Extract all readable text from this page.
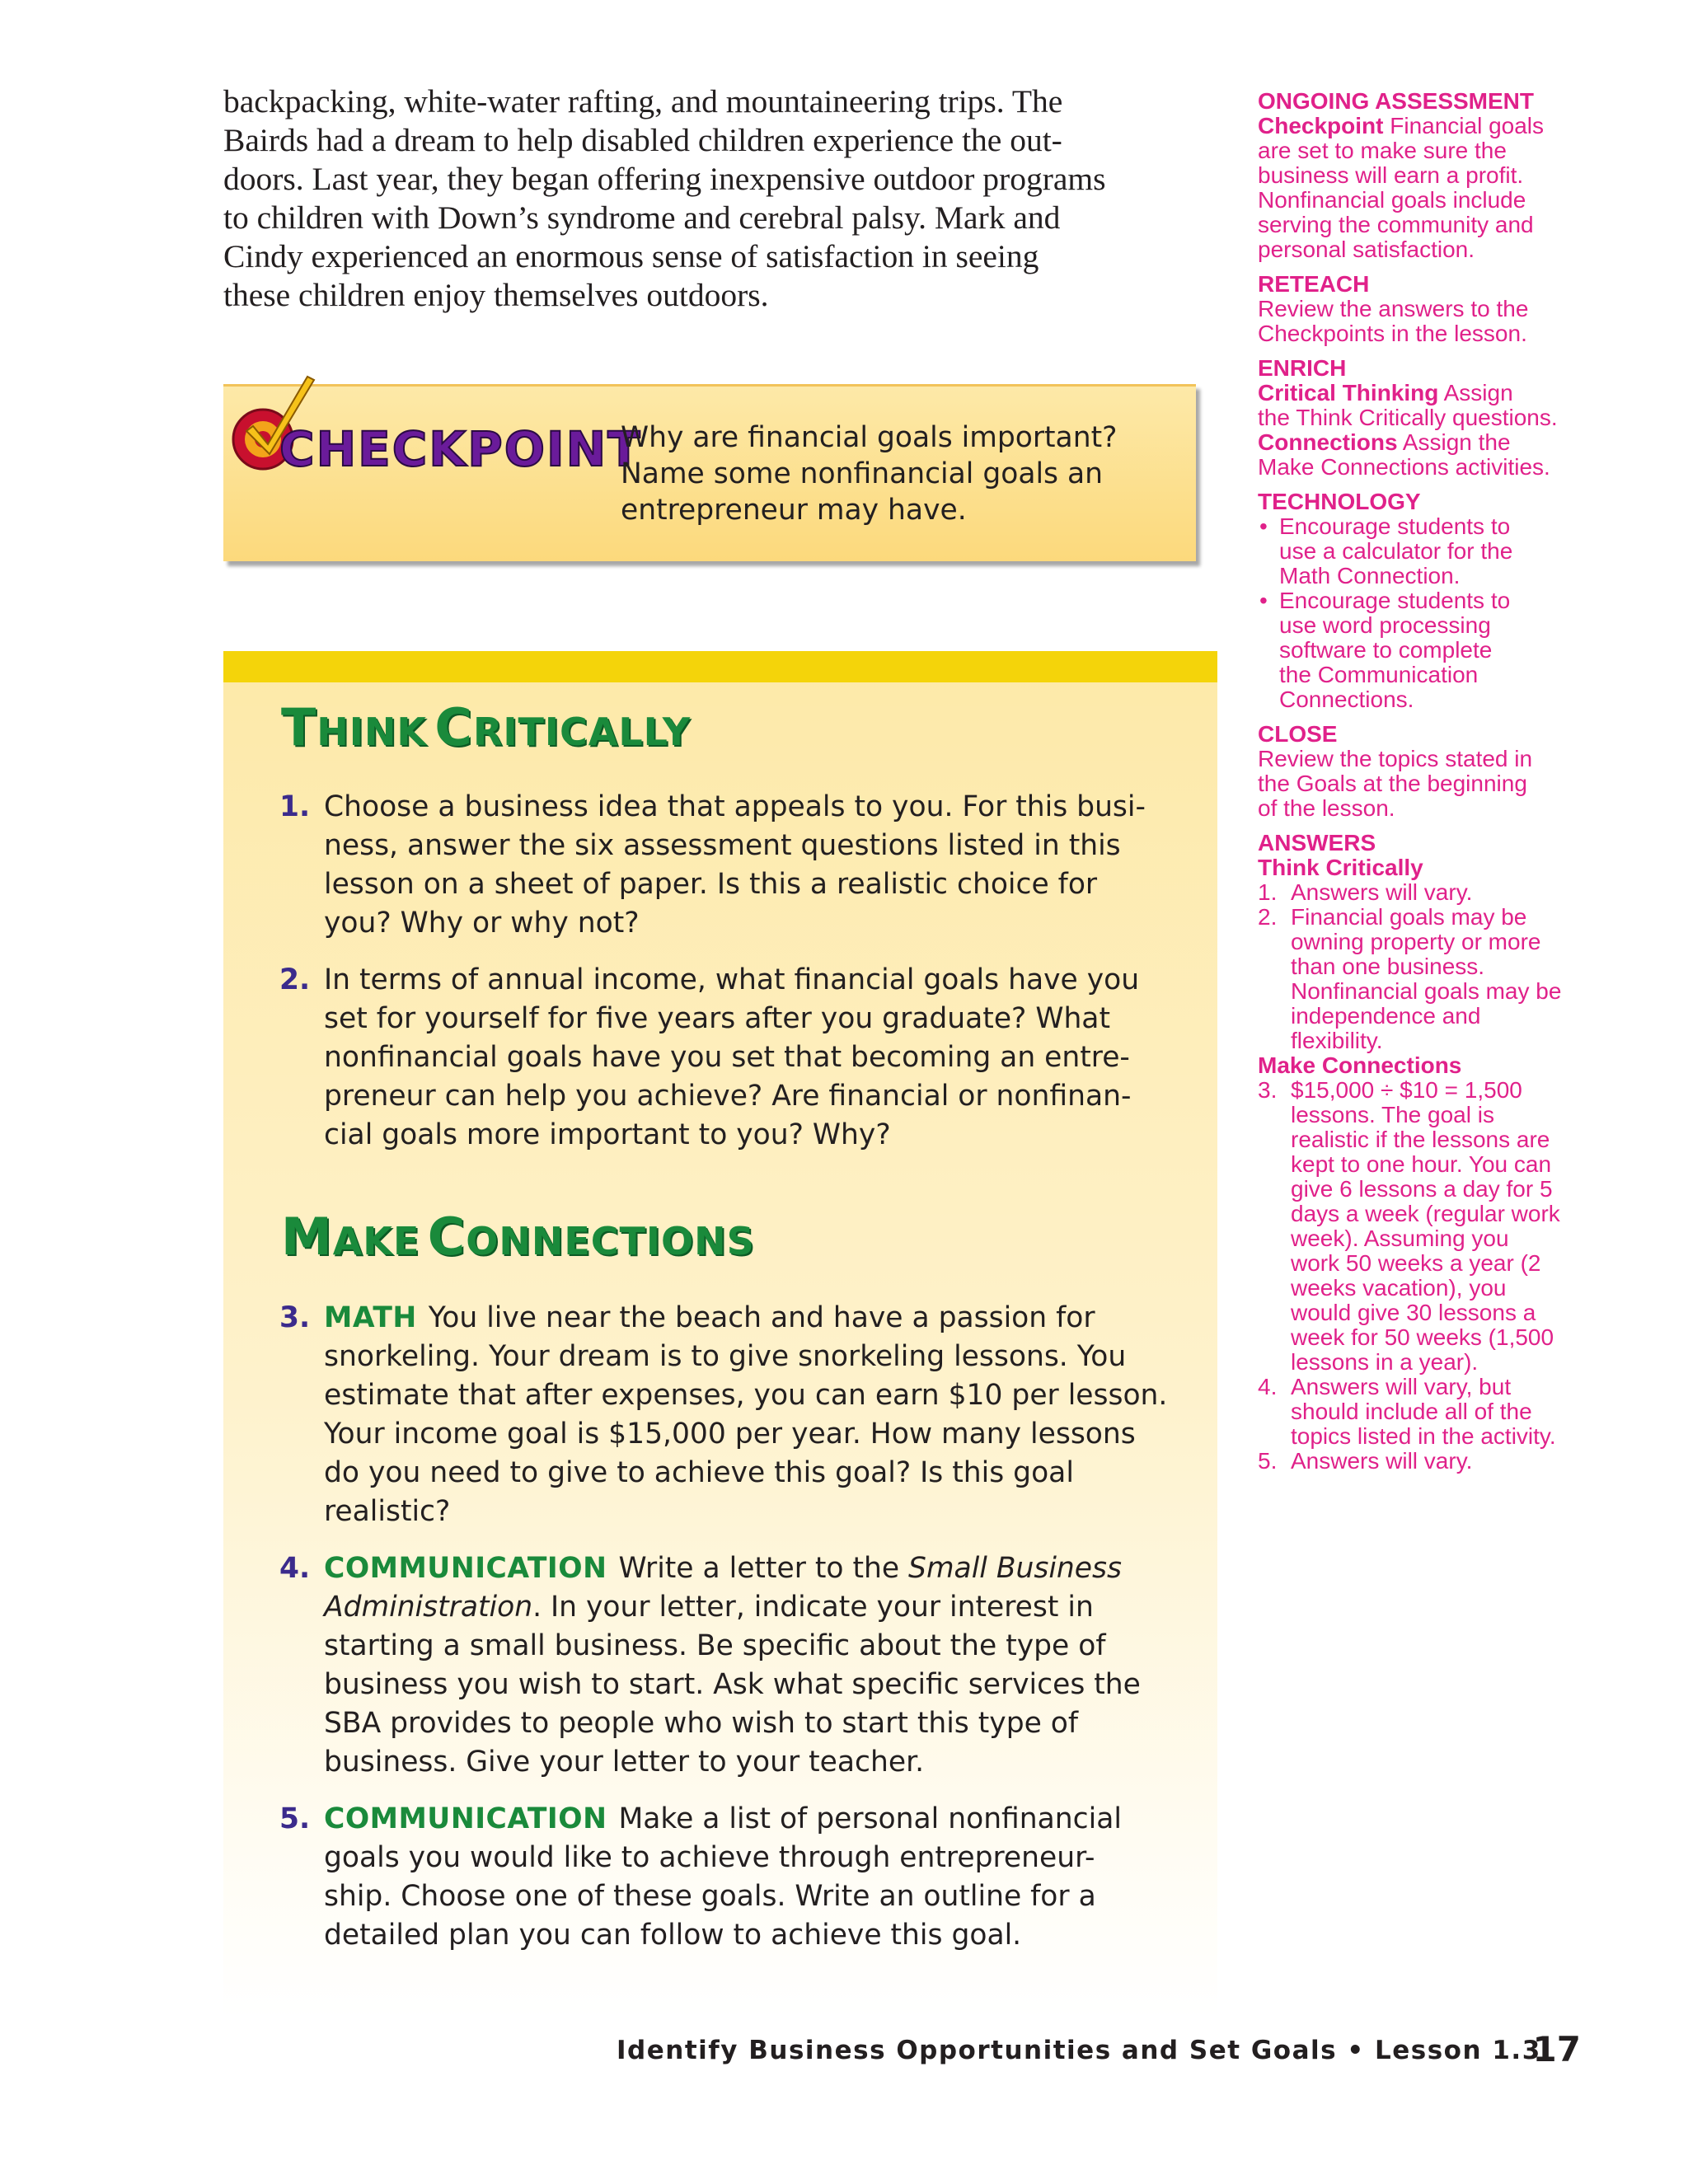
backpacking, white-water rafting, and mountaineering trips. The
Bairds had a dream to help disabled children experience the out-
doors. Last year, they began offering inexpensive outdoor programs
to children with Down’s syndrome and cerebral palsy. Mark and
Cindy experienced an enormous sense of satisfaction in seeing
these children enjoy themselves outdoors.

CHECKPOINT
Why are financial goals important?
Name some nonfinancial goals an
entrepreneur may have.
THINK CRITICALLY
1. Choose a business idea that appeals to you. For this busi-
ness, answer the six assessment questions listed in this
lesson on a sheet of paper. Is this a realistic choice for
you? Why or why not?
2. In terms of annual income, what financial goals have you
set for yourself for five years after you graduate? What
nonfinancial goals have you set that becoming an entre-
preneur can help you achieve? Are financial or nonfinan-
cial goals more important to you? Why?
MAKE CONNECTIONS
3. MATH You live near the beach and have a passion for
snorkeling. Your dream is to give snorkeling lessons. You
estimate that after expenses, you can earn $10 per lesson.
Your income goal is $15,000 per year. How many lessons
do you need to give to achieve this goal? Is this goal
realistic?
4. COMMUNICATION Write a letter to the Small Business
Administration. In your letter, indicate your interest in
starting a small business. Be specific about the type of
business you wish to start. Ask what specific services the
SBA provides to people who wish to start this type of
business. Give your letter to your teacher.
5. COMMUNICATION Make a list of personal nonfinancial
goals you would like to achieve through entrepreneur-
ship. Choose one of these goals. Write an outline for a
detailed plan you can follow to achieve this goal.
ONGOING ASSESSMENT
Checkpoint Financial goals
are set to make sure the
business will earn a profit.
Nonfinancial goals include
serving the community and
personal satisfaction.
RETEACH
Review the answers to the
Checkpoints in the lesson.
ENRICH
Critical Thinking Assign
the Think Critically questions.
Connections Assign the
Make Connections activities.
TECHNOLOGY
• Encourage students to
use a calculator for the
Math Connection.
• Encourage students to
use word processing
software to complete
the Communication
Connections.
CLOSE
Review the topics stated in
the Goals at the beginning
of the lesson.
ANSWERS
Think Critically
1. Answers will vary.
2. Financial goals may be
owning property or more
than one business.
Nonfinancial goals may be
independence and
flexibility.
Make Connections
3. $15,000 ÷ $10 = 1,500
lessons. The goal is
realistic if the lessons are
kept to one hour. You can
give 6 lessons a day for 5
days a week (regular work
week). Assuming you
work 50 weeks a year (2
weeks vacation), you
would give 30 lessons a
week for 50 weeks (1,500
lessons in a year).
4. Answers will vary, but
should include all of the
topics listed in the activity.
5. Answers will vary.
Identify Business Opportunities and Set Goals • Lesson 1.3
17
